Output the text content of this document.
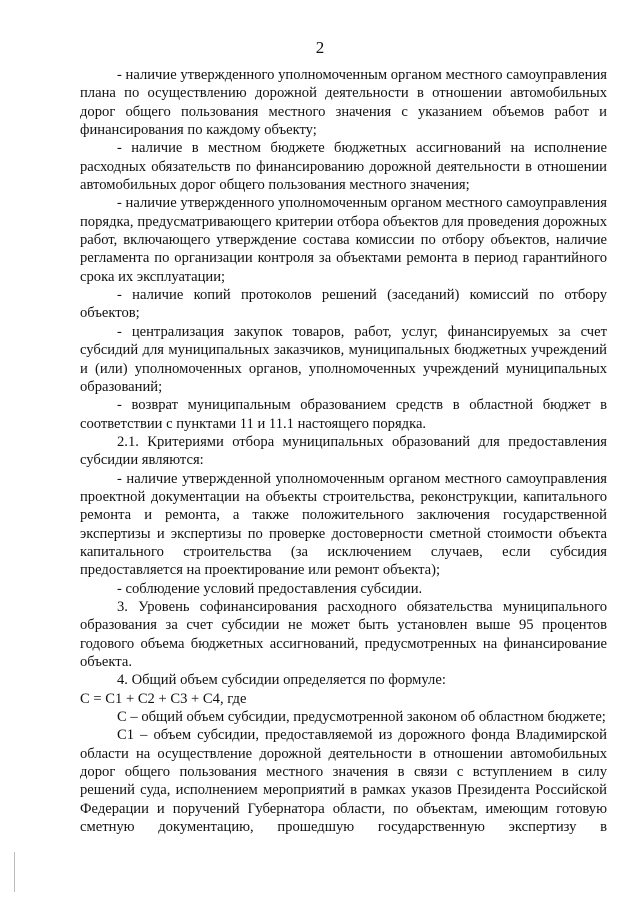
2

- наличие утвержденного уполномоченным органом местного самоуправления плана по осуществлению дорожной деятельности в отношении автомобильных дорог общего пользования местного значения с указанием объемов работ и финансирования по каждому объекту;

- наличие в местном бюджете бюджетных ассигнований на исполнение расходных обязательств по финансированию дорожной деятельности в отношении автомобильных дорог общего пользования местного значения;

- наличие утвержденного уполномоченным органом местного самоуправления порядка, предусматривающего критерии отбора объектов для проведения дорожных работ, включающего утверждение состава комиссии по отбору объектов, наличие регламента по организации контроля за объектами ремонта в период гарантийного срока их эксплуатации;

- наличие копий протоколов решений (заседаний) комиссий по отбору объектов;

- централизация закупок товаров, работ, услуг, финансируемых за счет субсидий для муниципальных заказчиков, муниципальных бюджетных учреждений и (или) уполномоченных органов, уполномоченных учреждений муниципальных образований;

- возврат муниципальным образованием средств в областной бюджет в соответствии с пунктами 11 и 11.1 настоящего порядка.

2.1. Критериями отбора муниципальных образований для предоставления субсидии являются:

- наличие утвержденной уполномоченным органом местного самоуправления проектной документации на объекты строительства, реконструкции, капитального ремонта и ремонта, а также положительного заключения государственной экспертизы и экспертизы по проверке достоверности сметной стоимости объекта капитального строительства (за исключением случаев, если субсидия предоставляется на проектирование или ремонт объекта);

- соблюдение условий предоставления субсидии.

3. Уровень софинансирования расходного обязательства муниципального образования за счет субсидии не может быть установлен выше 95 процентов годового объема бюджетных ассигнований, предусмотренных на финансирование объекта.

4. Общий объем субсидии определяется по формуле:

С = С1 + С2 + С3 + С4, где

С – общий объем субсидии, предусмотренной законом об областном бюджете;

С1 – объем субсидии, предоставляемой из дорожного фонда Владимирской области на осуществление дорожной деятельности в отношении автомобильных дорог общего пользования местного значения в связи с вступлением в силу решений суда, исполнением мероприятий в рамках указов Президента Российской Федерации и поручений Губернатора области, по объектам, имеющим готовую сметную документацию, прошедшую государственную экспертизу в
